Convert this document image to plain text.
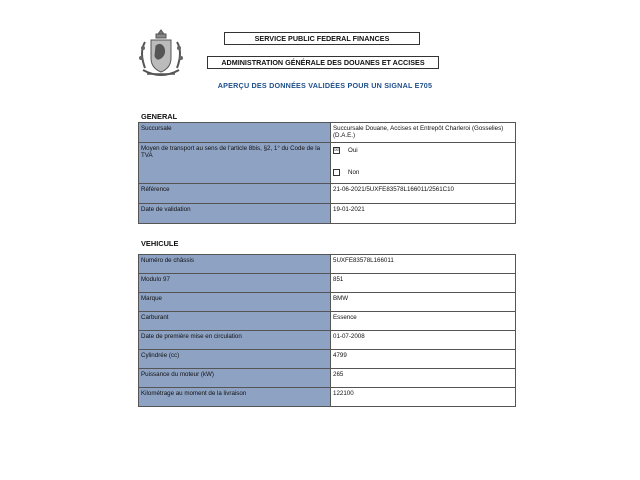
SERVICE PUBLIC FEDERAL FINANCES
ADMINISTRATION GÉNÉRALE DES DOUANES ET ACCISES
APERÇU DES DONNÉES VALIDÉES POUR UN SIGNAL E705
GENERAL
Succursale	Succursale Douane, Accises et Entrepôt Charleroi (Gosselies) (D.A.E.)
Moyen de transport au sens de l'article 8bis, §2, 1° du Code de la TVA	☒ Oui
Non

Référence	21-06-2021/5UXFE83578L166011/2561C10
Date de validation	19-01-2021
VEHICULE
Numéro de châssis	5UXFE83578L166011
Modulo 97	851
Marque	BMW
Carburant	Essence
Date de première mise en circulation	01-07-2008
Cylindrée (cc)	4799
Puissance du moteur (kW)	265
Kilométrage au moment de la livraison	122100
